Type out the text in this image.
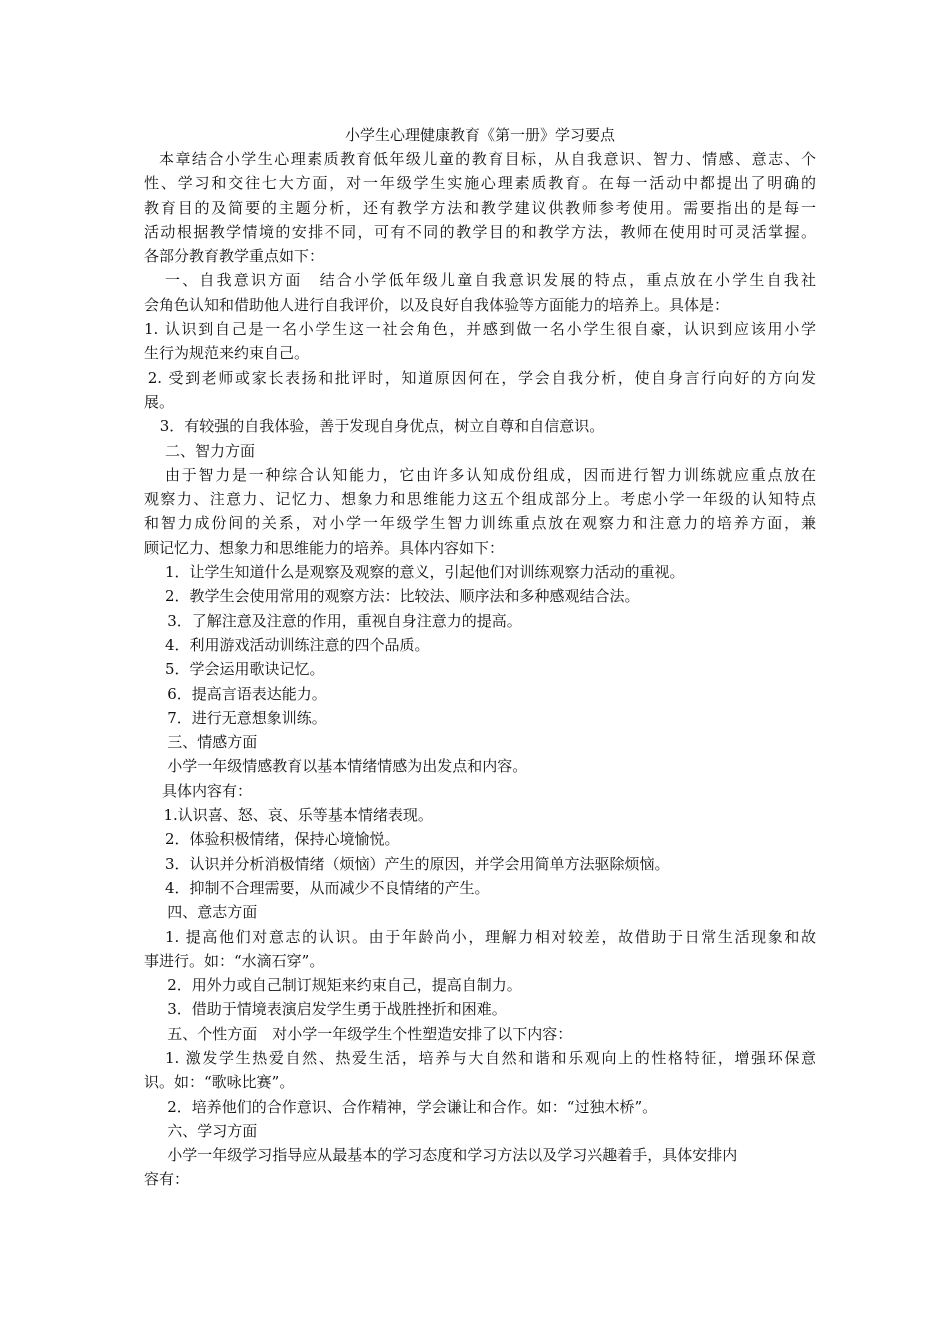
小学生心理健康教育《第一册》学习要点
本章结合小学生心理素质教育低年级儿童的教育目标，从自我意识、智力、情感、意志、个
性、学习和交往七大方面，对一年级学生实施心理素质教育。在每一活动中都提出了明确的
教育目的及简要的主题分析，还有教学方法和教学建议供教师参考使用。需要指出的是每一
活动根据教学情境的安排不同，可有不同的教学目的和教学方法，教师在使用时可灵活掌握。
各部分教育教学重点如下：
一、自我意识方面　结合小学低年级儿童自我意识发展的特点，重点放在小学生自我社
会角色认知和借助他人进行自我评价，以及良好自我体验等方面能力的培养上。具体是：
1. 认识到自己是一名小学生这一社会角色，并感到做一名小学生很自豪，认识到应该用小学
生行为规范来约束自己。
2. 受到老师或家长表扬和批评时，知道原因何在，学会自我分析，使自身言行向好的方向发
展。
3．有较强的自我体验，善于发现自身优点，树立自尊和自信意识。
二、智力方面
由于智力是一种综合认知能力，它由许多认知成份组成，因而进行智力训练就应重点放在
观察力、注意力、记忆力、想象力和思维能力这五个组成部分上。考虑小学一年级的认知特点
和智力成份间的关系，对小学一年级学生智力训练重点放在观察力和注意力的培养方面，兼
顾记忆力、想象力和思维能力的培养。具体内容如下：
1．让学生知道什么是观察及观察的意义，引起他们对训练观察力活动的重视。
2．教学生会使用常用的观察方法：比较法、顺序法和多种感观结合法。
3．了解注意及注意的作用，重视自身注意力的提高。
4．利用游戏活动训练注意的四个品质。
5．学会运用歌诀记忆。
6．提高言语表达能力。
7．进行无意想象训练。
三、情感方面
小学一年级情感教育以基本情绪情感为出发点和内容。
具体内容有：
1.认识喜、怒、哀、乐等基本情绪表现。
2．体验积极情绪，保持心境愉悦。
3．认识并分析消极情绪（烦恼）产生的原因，并学会用简单方法驱除烦恼。
4．抑制不合理需要，从而减少不良情绪的产生。
四、意志方面
1. 提高他们对意志的认识。由于年龄尚小，理解力相对较差，故借助于日常生活现象和故
事进行。如：“水滴石穿”。
2．用外力或自己制订规矩来约束自己，提高自制力。
3．借助于情境表演启发学生勇于战胜挫折和困难。
五、个性方面　对小学一年级学生个性塑造安排了以下内容：
1. 激发学生热爱自然、热爱生活，培养与大自然和谐和乐观向上的性格特征，增强环保意
识。如：“歌咏比赛”。
2．培养他们的合作意识、合作精神，学会谦让和合作。如：“过独木桥”。
六、学习方面
小学一年级学习指导应从最基本的学习态度和学习方法以及学习兴趣着手，具体安排内
容有：
